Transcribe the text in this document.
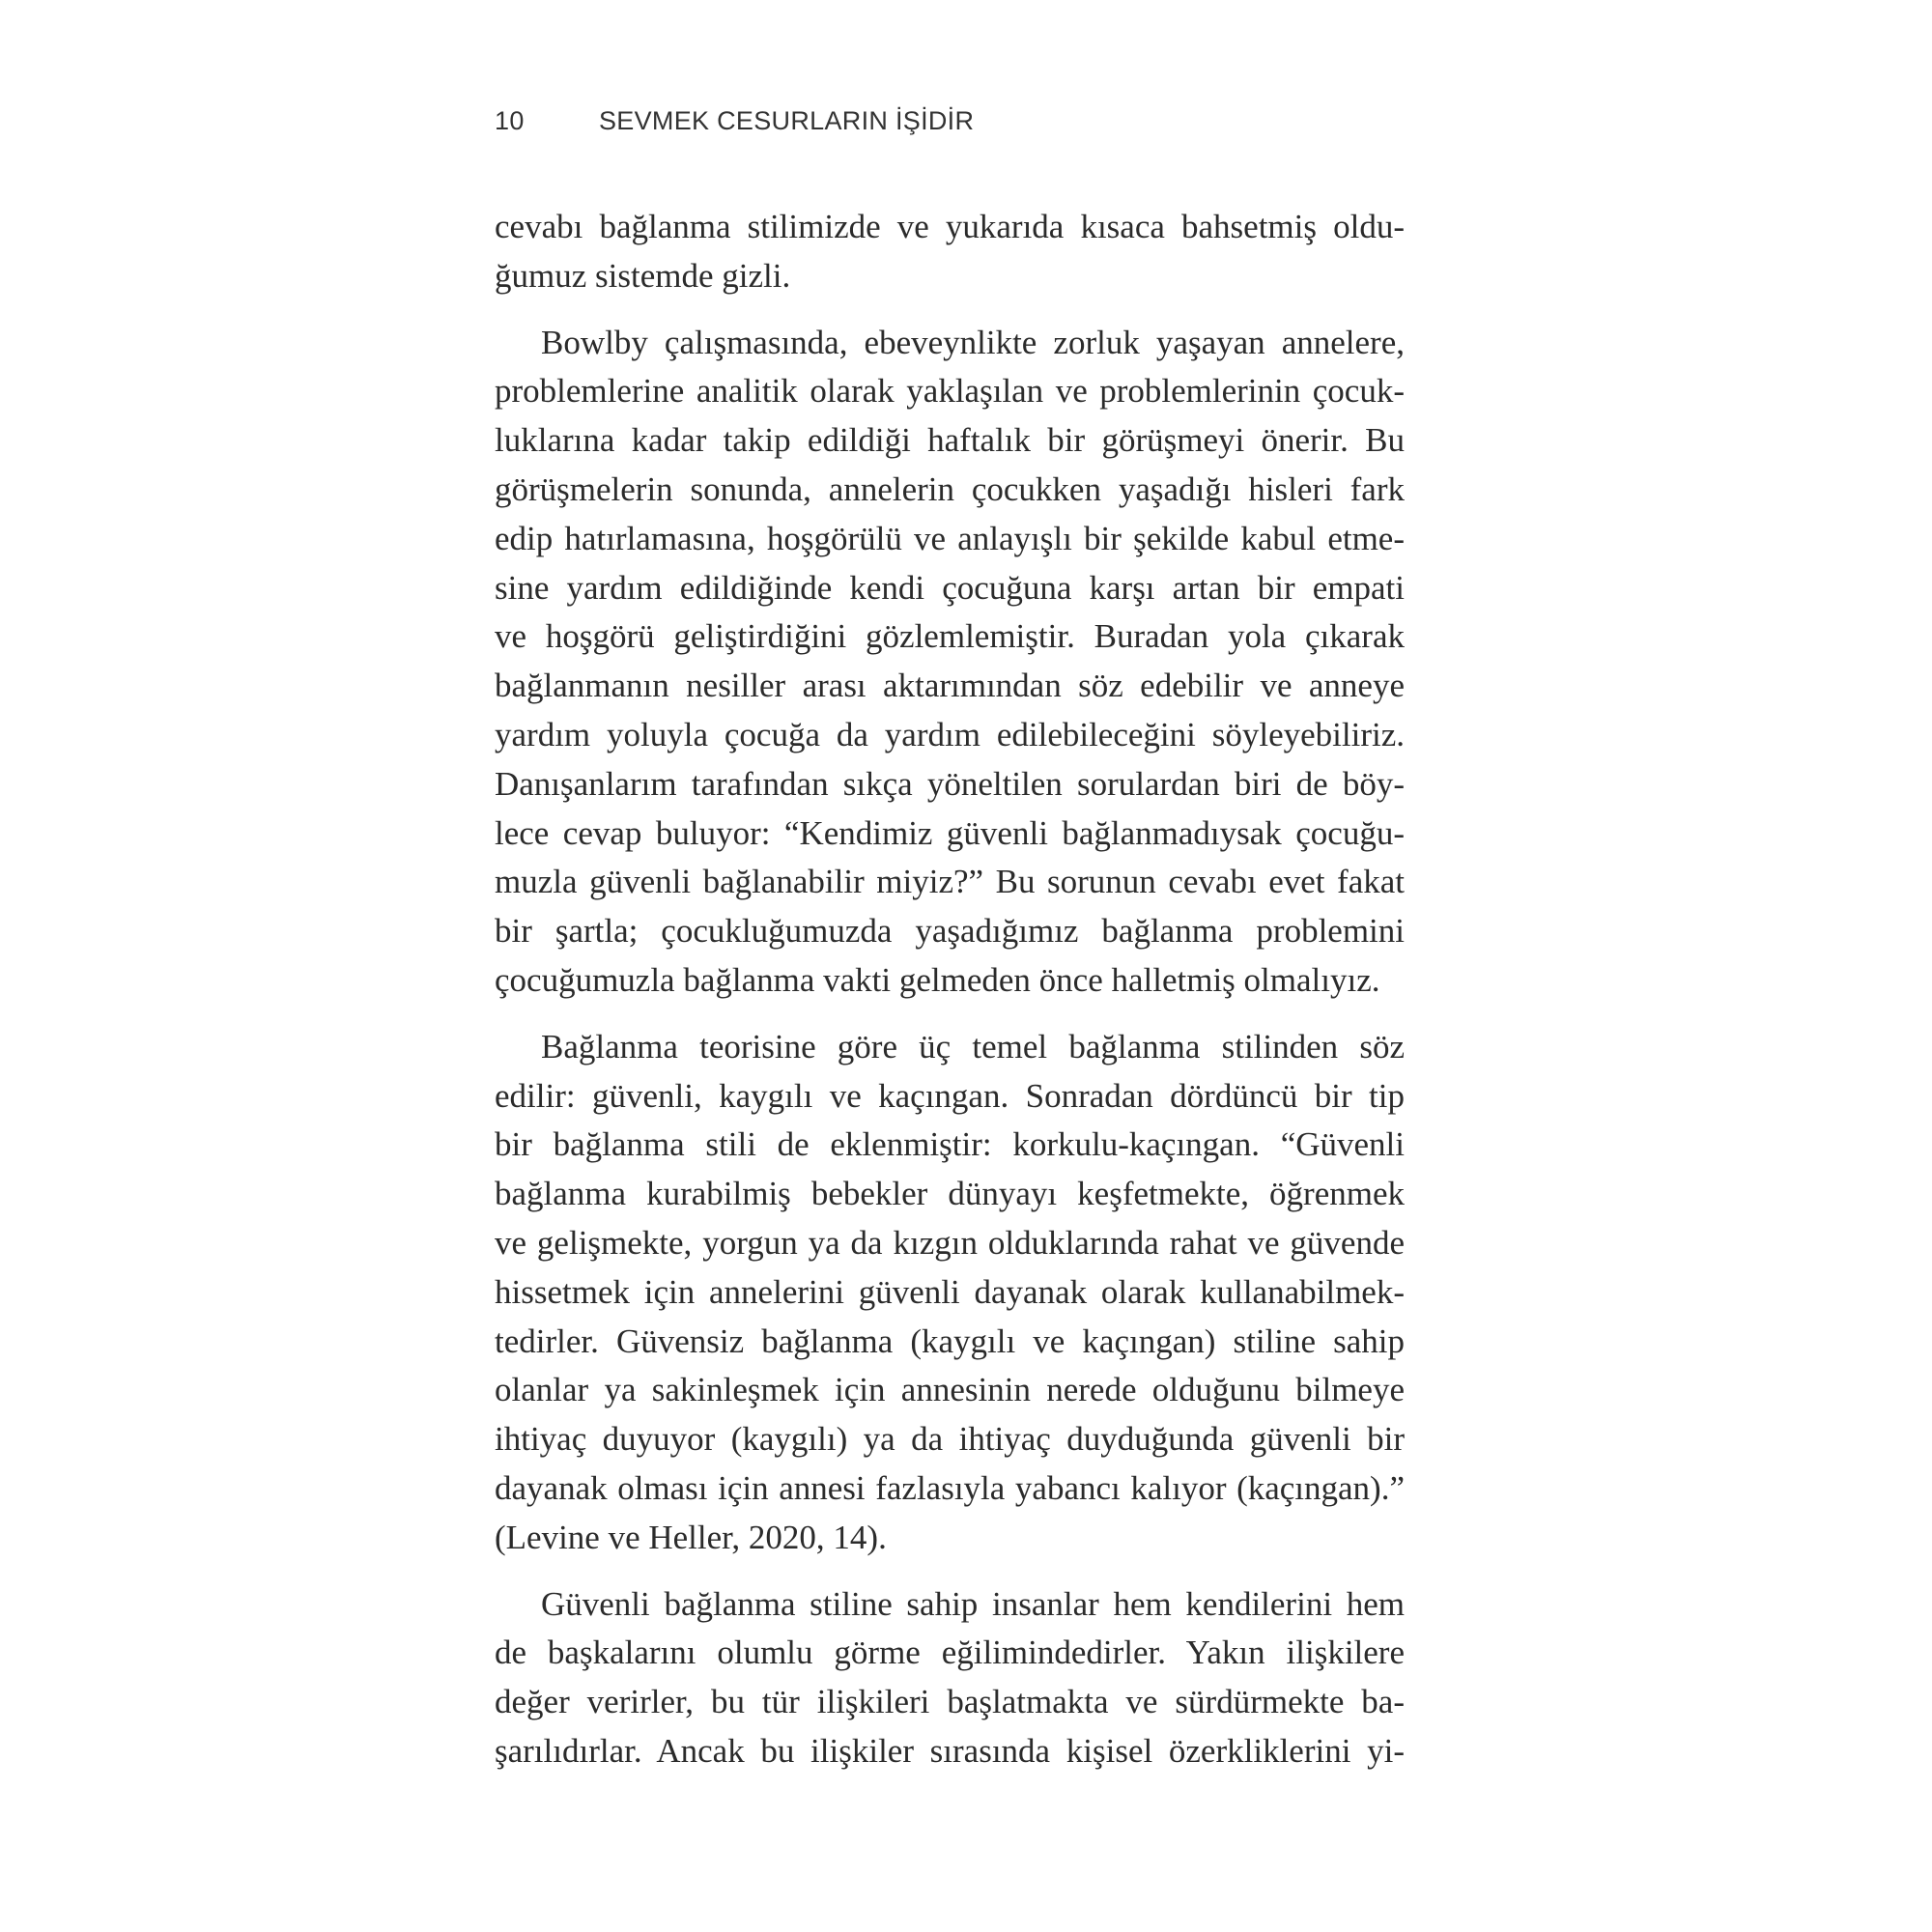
10	SEVMEK CESURLARIN İŞİDİR

cevabı bağlanma stilimizde ve yukarıda kısaca bahsetmiş oldu-
ğumuz sistemde gizli.

Bowlby çalışmasında, ebeveynlikte zorluk yaşayan annelere,
problemlerine analitik olarak yaklaşılan ve problemlerinin çocuk-
luklarına kadar takip edildiği haftalık bir görüşmeyi önerir. Bu
görüşmelerin sonunda, annelerin çocukken yaşadığı hisleri fark
edip hatırlamasına, hoşgörülü ve anlayışlı bir şekilde kabul etme-
sine yardım edildiğinde kendi çocuğuna karşı artan bir empati
ve hoşgörü geliştirdiğini gözlemlemiştir. Buradan yola çıkarak
bağlanmanın nesiller arası aktarımından söz edebilir ve anneye
yardım yoluyla çocuğa da yardım edilebileceğini söyleyebiliriz.
Danışanlarım tarafından sıkça yöneltilen sorulardan biri de böy-
lece cevap buluyor: “Kendimiz güvenli bağlanmadıysak çocuğu-
muzla güvenli bağlanabilir miyiz?” Bu sorunun cevabı evet fakat
bir şartla; çocukluğumuzda yaşadığımız bağlanma problemini
çocuğumuzla bağlanma vakti gelmeden önce halletmiş olmalıyız.

Bağlanma teorisine göre üç temel bağlanma stilinden söz
edilir: güvenli, kaygılı ve kaçıngan. Sonradan dördüncü bir tip
bir bağlanma stili de eklenmiştir: korkulu-kaçıngan. “Güvenli
bağlanma kurabilmiş bebekler dünyayı keşfetmekte, öğrenmek
ve gelişmekte, yorgun ya da kızgın olduklarında rahat ve güvende
hissetmek için annelerini güvenli dayanak olarak kullanabilmek-
tedirler. Güvensiz bağlanma (kaygılı ve kaçıngan) stiline sahip
olanlar ya sakinleşmek için annesinin nerede olduğunu bilmeye
ihtiyaç duyuyor (kaygılı) ya da ihtiyaç duyduğunda güvenli bir
dayanak olması için annesi fazlasıyla yabancı kalıyor (kaçıngan).”
(Levine ve Heller, 2020, 14).

Güvenli bağlanma stiline sahip insanlar hem kendilerini hem
de başkalarını olumlu görme eğilimindedirler. Yakın ilişkilere
değer verirler, bu tür ilişkileri başlatmakta ve sürdürmekte ba-
şarılıdırlar. Ancak bu ilişkiler sırasında kişisel özerkliklerini yi-
